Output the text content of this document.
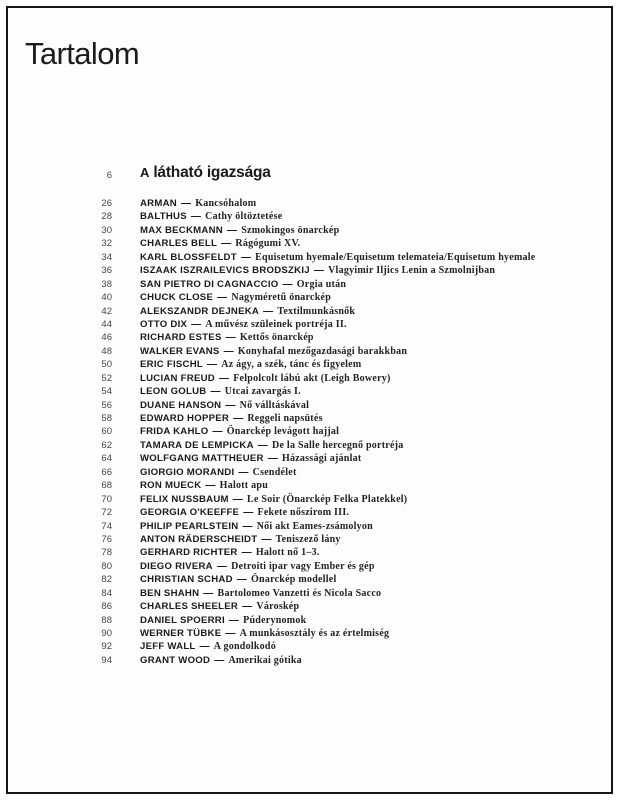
Tartalom
6 A látható igazsága
26	ARMAN — Kancsóhalom
28	BALTHUS — Cathy öltöztetése
30	MAX BECKMANN — Szmokingos önarckép
32	CHARLES BELL — Rágógumi XV.
34	KARL BLOSSFELDT — Equisetum hyemale/Equisetum telemateia/Equisetum hyemale
36	ISZAAK ISZRAILEVICS BRODSZKIJ — Vlagyimir Iljics Lenin a Szmolnijban
38	SAN PIETRO DI CAGNACCIO — Orgia után
40	CHUCK CLOSE — Nagyméretű önarckép
42	ALEKSZANDR DEJNEKA — Textilmunkásnők
44	OTTO DIX — A művész szüleinek portréja II.
46	RICHARD ESTES — Kettős önarckép
48	WALKER EVANS — Konyhafal mezőgazdasági barakkban
50	ERIC FISCHL — Az ágy, a szék, tánc és figyelem
52	LUCIAN FREUD — Felpolcolt lábú akt (Leigh Bowery)
54	LEON GOLUB — Utcai zavargás I.
56	DUANE HANSON — Nő válltáskával
58	EDWARD HOPPER — Reggeli napsütés
60	FRIDA KAHLO — Önarckép levágott hajjal
62	TAMARA DE LEMPICKA — De la Salle hercegnő portréja
64	WOLFGANG MATTHEUER — Házassági ajánlat
66	GIORGIO MORANDI — Csendélet
68	RON MUECK — Halott apu
70	FELIX NUSSBAUM — Le Soir (Önarckép Felka Platekkel)
72	GEORGIA O'KEEFFE — Fekete nőszirom III.
74	PHILIP PEARLSTEIN — Női akt Eames-zsámolyon
76	ANTON RÄDERSCHEIDT — Teniszező lány
78	GERHARD RICHTER — Halott nő 1–3.
80	DIEGO RIVERA — Detroiti ipar vagy Ember és gép
82	CHRISTIAN SCHAD — Önarckép modellel
84	BEN SHAHN — Bartolomeo Vanzetti és Nicola Sacco
86	CHARLES SHEELER — Városkép
88	DANIEL SPOERRI — Púderynomok
90	WERNER TÜBKE — A munkásosztály és az értelmiség
92	JEFF WALL — A gondolkodó
94	GRANT WOOD — Amerikai gótika
